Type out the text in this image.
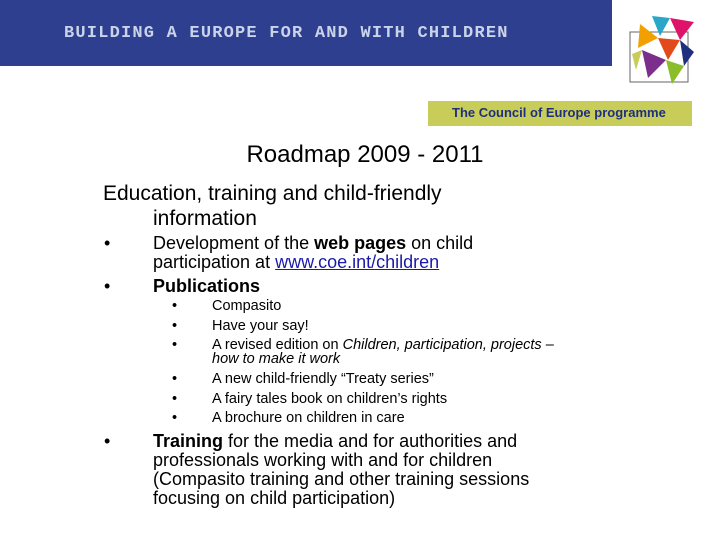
BUILDING A EUROPE FOR AND WITH CHILDREN
The Council of Europe programme
Roadmap 2009 - 2011
Education, training and child-friendly
information
• Development of the web pages on child
participation at www.coe.int/children
• Publications
• Compasito
• Have your say!
• A revised edition on Children, participation, projects –
how to make it work
• A new child-friendly “Treaty series”
• A fairy tales book on children’s rights
• A brochure on children in care
• Training for the media and for authorities and
professionals working with and for children
(Compasito training and other training sessions
focusing on child participation)
